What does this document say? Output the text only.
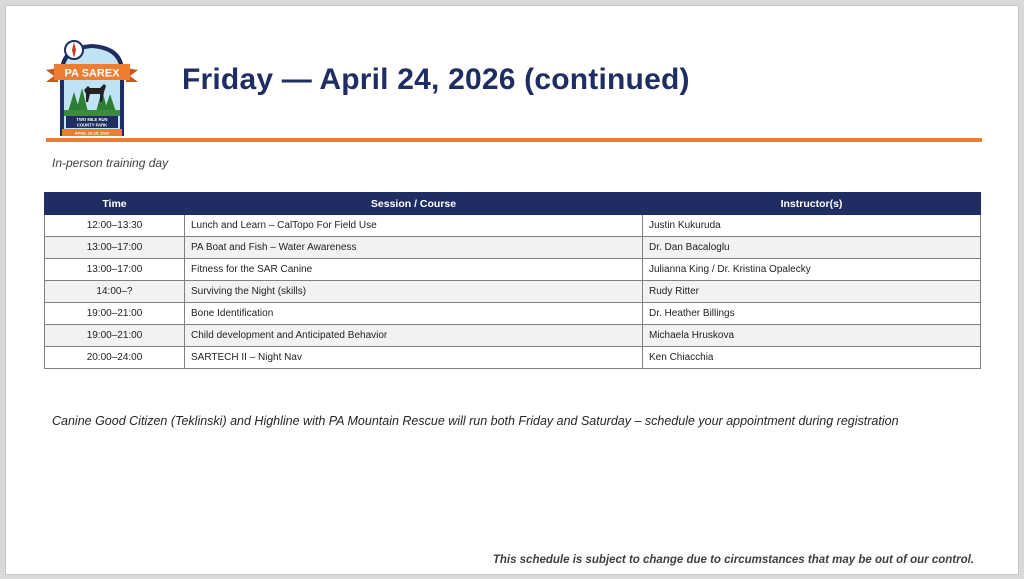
PA SAREX
TWO MILE RUN
COUNTY PARK
APRIL 23-25, 2026
Friday — April 24, 2026 (continued)
In-person training day
Time	Session / Course	Instructor(s)
12:00–13:30	Lunch and Learn – CalTopo For Field Use	Justin Kukuruda
13:00–17:00	PA Boat and Fish – Water Awareness	Dr. Dan Bacaloglu
13:00–17:00	Fitness for the SAR Canine	Julianna King / Dr. Kristina Opalecky
14:00–?	Surviving the Night (skills)	Rudy Ritter
19:00–21:00	Bone Identification	Dr. Heather Billings
19:00–21:00	Child development and Anticipated Behavior	Michaela Hruskova
20:00–24:00	SARTECH II – Night Nav	Ken Chiacchia
Canine Good Citizen (Teklinski) and Highline with PA Mountain Rescue will run both Friday and Saturday – schedule your appointment during registration
This schedule is subject to change due to circumstances that may be out of our control.
